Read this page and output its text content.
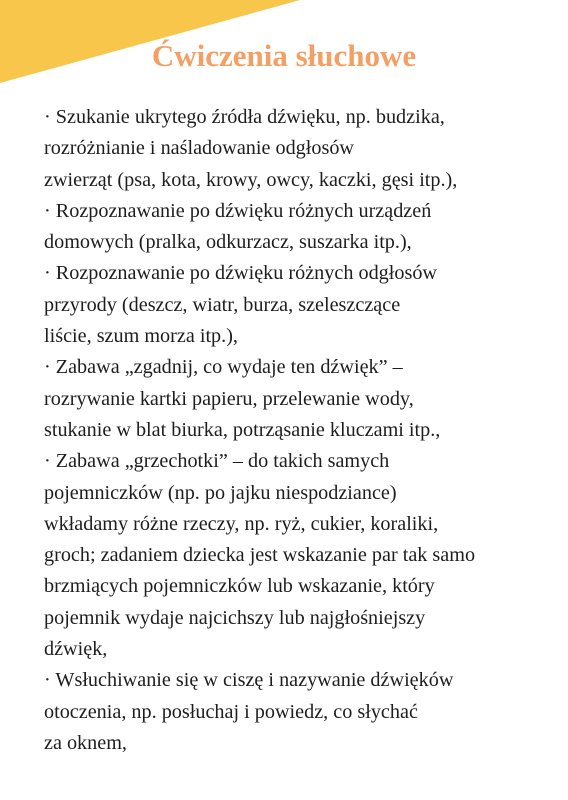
Ćwiczenia słuchowe
· Szukanie ukrytego źródła dźwięku, np. budzika,
rozróżnianie i naśladowanie odgłosów
zwierząt (psa, kota, krowy, owcy, kaczki, gęsi itp.),
· Rozpoznawanie po dźwięku różnych urządzeń
domowych (pralka, odkurzacz, suszarka itp.),
· Rozpoznawanie po dźwięku różnych odgłosów
przyrody (deszcz, wiatr, burza, szeleszczące
liście, szum morza itp.),
· Zabawa „zgadnij, co wydaje ten dźwięk” –
rozrywanie kartki papieru, przelewanie wody,
stukanie w blat biurka, potrząsanie kluczami itp.,
· Zabawa „grzechotki” – do takich samych
pojemniczków (np. po jajku niespodziance)
wkładamy różne rzeczy, np. ryż, cukier, koraliki,
groch; zadaniem dziecka jest wskazanie par tak samo
brzmiących pojemniczków lub wskazanie, który
pojemnik wydaje najcichszy lub najgłośniejszy
dźwięk,
· Wsłuchiwanie się w ciszę i nazywanie dźwięków
otoczenia, np. posłuchaj i powiedz, co słychać
za oknem,
